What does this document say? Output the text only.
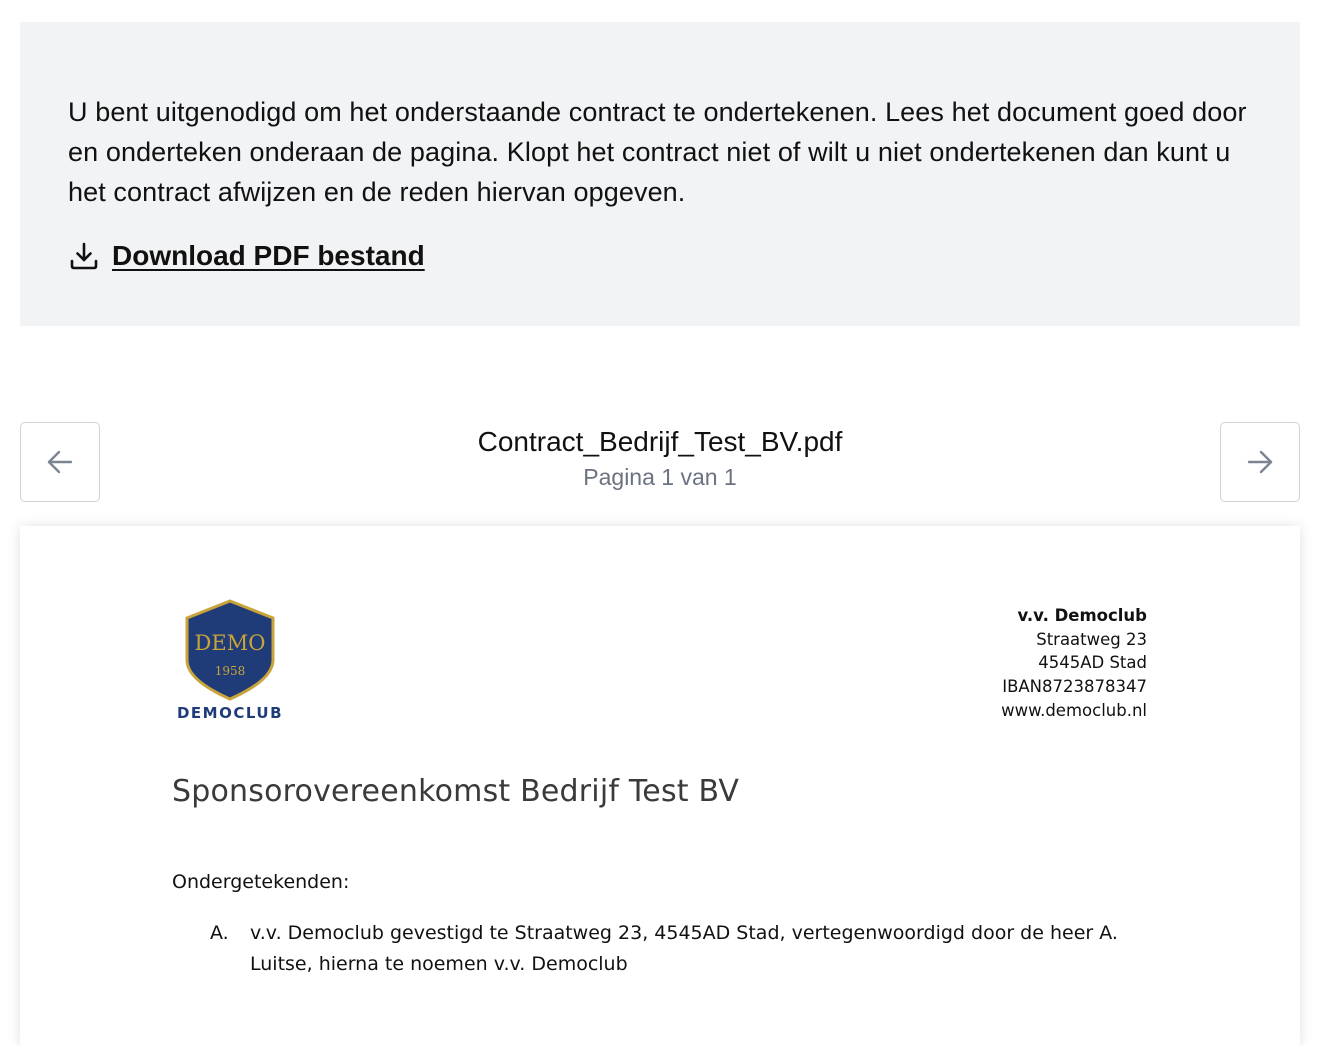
U bent uitgenodigd om het onderstaande contract te ondertekenen. Lees het document goed door en onderteken onderaan de pagina. Klopt het contract niet of wilt u niet ondertekenen dan kunt u het contract afwijzen en de reden hiervan opgeven.

Download PDF bestand
Contract_Bedrijf_Test_BV.pdf
Pagina 1 van 1
DEMO
1958
DEMOCLUB
v.v. Democlub
Straatweg 23
4545AD Stad
IBAN8723878347
www.democlub.nl
Sponsorovereenkomst Bedrijf Test BV
Ondergetekenden:
A. v.v. Democlub gevestigd te Straatweg 23, 4545AD Stad, vertegenwoordigd door de heer A. Luitse, hierna te noemen v.v. Democlub
